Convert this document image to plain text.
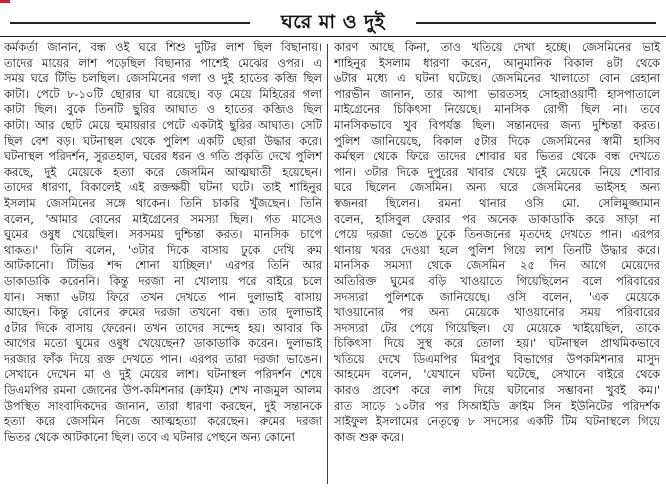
ঘরে মা ও দুই
কর্মকর্তা জানান, বন্ধ ওই ঘরে শিশু দুটির লাশ ছিল বিছানায়।
তাদের মায়ের লাশ পড়েছিল বিছানার পাশেই মেঝের ওপর। এ
সময় ঘরে টিভি চলছিল। জেসমিনের গলা ও দুই হাতের কব্জি ছিল
কাটা। পেটে ৮-১০টি ছোরার ঘা রয়েছে। বড় মেয়ে মিহিরের গলা
কাটা ছিল। বুকে তিনটি ছুরির আঘাত ও হাতের কব্জিও ছিল
কাটা। আর ছোট মেয়ে হুমায়রার পেটে একটাই ছুরির আঘাত। সেটি
ছিল বেশ বড়। ঘটনাস্থল থেকে পুলিশ একটি ছোরা উদ্ধার করে।
ঘটনাস্থল পরিদর্শন, সুরতহাল, ঘরের ধরন ও গতি প্রকৃতি দেখে পুলিশ
করছে, দুই মেয়েকে হত্যা করে জেসমিন আত্মঘাতী হয়েছেন।
তাদের ধারণা, বিকালেই এই রক্তক্ষয়ী ঘটনা ঘটে। তাই শাহিনুর
ইসলাম জেসমিনের সঙ্গে থাকেন। তিনি চাকরি খুঁজছেন। তিনি
বলেন, 'আমার বোনের মাইগ্রেনের সমস্যা ছিল। গত মাসেও
ঘুমের ওষুধ খেয়েছিল। সবসময় দুশ্চিন্তা করত। মানসিক চাপে
থাকত।' তিনি বলেন, '৩টার দিকে বাসায় ঢুকে দেখি রুম
আটকানো। টিভির শব্দ শোনা যাচ্ছিল।' এরপর তিনি আর
ডাকাডাকি করেননি। কিন্তু দরজা না খোলায় পরে বাইরে চলে
যান। সন্ধ্যা ৬টায় ফিরে তখন দেখতে পান দুলাভাই বাসায়
আছেন। কিন্তু বোনের রুমের দরজা তখনো বন্ধ। তার দুলাভাই
৫টার দিকে বাসায় ফেরেন। তখন তাদের সন্দেহ হয়। আবার কি
আগের মতো ঘুমের ওষুধ খেয়েছেন? ডাকাডাকি করেন। দুলাভাই
দরজার ফাঁক দিয়ে রক্ত দেখতে পান। এরপর তারা দরজা ভাঙেন।
সেখানে দেখেন মা ও দুই মেয়ের লাশ। ঘটনাস্থল পরিদর্শন শেষে
ডিএমপির রমনা জোনের উপ-কমিশনার (ক্রাইম) শেখ নাজমুল আলম
উপস্থিত সাংবাদিকদের জানান, তারা ধারণা করছেন, দুই সন্তানকে
হত্যা করে জেসমিন নিজে আত্মহত্যা করেছেন। রুমের দরজা
ভিতর থেকে আটকানো ছিল। তবে এ ঘটনার পেছনে অন্য কোনো
কারণ আছে কিনা, তাও খতিয়ে দেখা হচ্ছে। জেসমিনের ভাই
শাহিনুর ইসলাম ধারণা করেন, আনুমানিক বিকাল ৪টা থেকে
৬টার মধ্যে এ ঘটনা ঘটেছে। জেসমিনের খালাতো বোন রেহানা
পারভীন জানান, তার আপা ভারতসহ সোহরাওয়ার্দী হাসপাতালে
মাইগ্রেনের চিকিৎসা নিয়েছে। মানসিক রোগী ছিল না। তবে
মানসিকভাবে খুব বিপর্যস্ত ছিল। সন্তানদের জন্য দুশ্চিন্তা করত।
পুলিশ জানিয়েছে, বিকাল ৫টার দিকে জেসমিনের স্বামী হাসিব
কর্মস্থল থেকে ফিরে তাদের শোবার ঘর ভিতর থেকে বন্ধ দেখতে
পান। ৩টার দিকে দুপুরের খাবার খেয়ে দুই মেয়েকে নিয়ে শোবার
ঘরে ছিলেন জেসমিন। অন্য ঘরে জেসমিনের ভাইসহ অন্য
স্বজনরা ছিলেন। রমনা থানার ওসি মো. সেলিমুজ্জামান
বলেন, হাসিবুল ফেরার পর অনেক ডাকাডাকি করে সাড়া না
পেয়ে দরজা ভেঙে ঢুকে তিনজনের মৃতদেহ দেখতে পান। এরপর
থানায় খবর দেওয়া হলে পুলিশ গিয়ে লাশ তিনটি উদ্ধার করে।
মানসিক সমস্যা থেকে জেসমিন ২৫ দিন আগে মেয়েদের
অতিরিক্ত ঘুমের বড়ি খাওয়াতে গিয়েছিলেন বলে পরিবারের
সদস্যরা পুলিশকে জানিয়েছে। ওসি বলেন, 'এক মেয়েকে
খাওয়ানোর পর অন্য মেয়েকে খাওয়ানোর সময় পরিবারের
সদস্যরা টের পেয়ে গিয়েছিল। যে মেয়েকে খাইয়েছিল, তাকে
চিকিৎসা দিয়ে সুস্থ করে তোলা হয়।' ঘটনাস্থল প্রাথমিকভাবে
খতিয়ে দেখে ডিএমপির মিরপুর বিভাগের উপকমিশনার মাসুদ
আহমেদ বলেন, 'যেখানে ঘটনা ঘটেছে, সেখানে বাইরে থেকে
কারও প্রবেশ করে লাশ দিয়ে ঘটানোর সম্ভাবনা খুবই কম।'
রাত সাড়ে ১০টার পর সিআইডি ক্রাইম সিন ইউনিটের পরিদর্শক
সাইফুল ইসলামের নেতৃত্বে ৮ সদস্যের একটি টিম ঘটনাস্থলে গিয়ে
কাজ শুরু করে।
